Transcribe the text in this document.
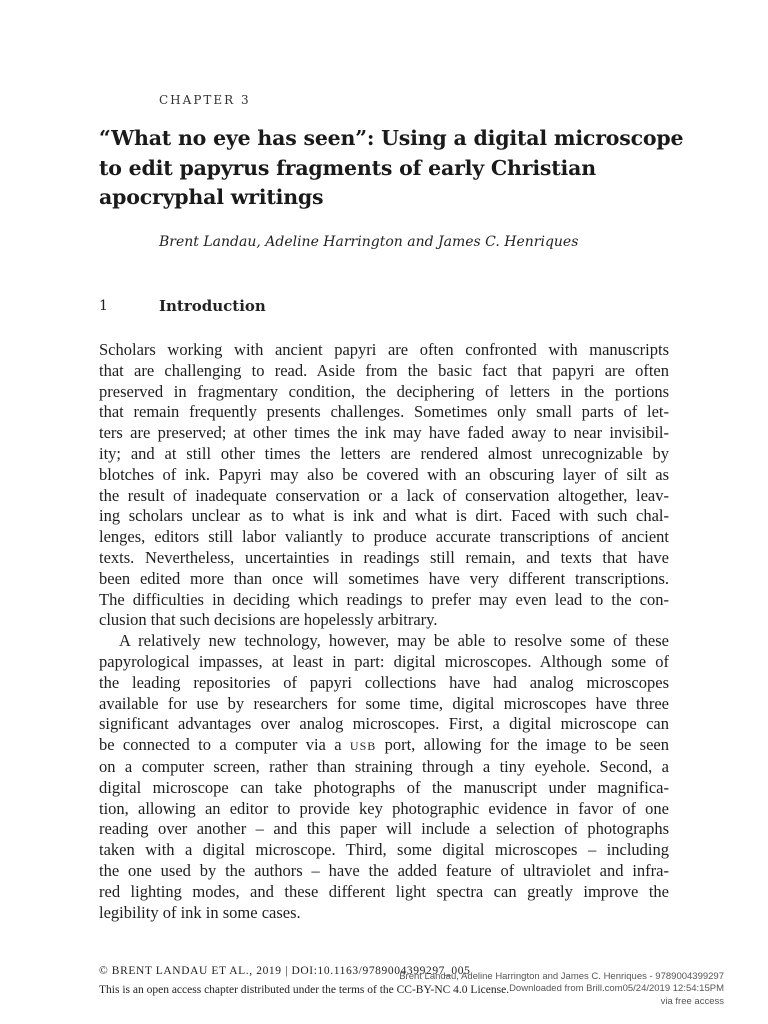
CHAPTER 3
“What no eye has seen”: Using a digital microscope to edit papyrus fragments of early Christian apocryphal writings
Brent Landau, Adeline Harrington and James C. Henriques
1	Introduction
Scholars working with ancient papyri are often confronted with manuscripts
that are challenging to read. Aside from the basic fact that papyri are often
preserved in fragmentary condition, the deciphering of letters in the portions
that remain frequently presents challenges. Sometimes only small parts of let-
ters are preserved; at other times the ink may have faded away to near invisibil-
ity; and at still other times the letters are rendered almost unrecognizable by
blotches of ink. Papyri may also be covered with an obscuring layer of silt as
the result of inadequate conservation or a lack of conservation altogether, leav-
ing scholars unclear as to what is ink and what is dirt. Faced with such chal-
lenges, editors still labor valiantly to produce accurate transcriptions of ancient
texts. Nevertheless, uncertainties in readings still remain, and texts that have
been edited more than once will sometimes have very different transcriptions.
The difficulties in deciding which readings to prefer may even lead to the con-
clusion that such decisions are hopelessly arbitrary.
A relatively new technology, however, may be able to resolve some of these
papyrological impasses, at least in part: digital microscopes. Although some of
the leading repositories of papyri collections have had analog microscopes
available for use by researchers for some time, digital microscopes have three
significant advantages over analog microscopes. First, a digital microscope can
be connected to a computer via a USB port, allowing for the image to be seen
on a computer screen, rather than straining through a tiny eyehole. Second, a
digital microscope can take photographs of the manuscript under magnifica-
tion, allowing an editor to provide key photographic evidence in favor of one
reading over another – and this paper will include a selection of photographs
taken with a digital microscope. Third, some digital microscopes – including
the one used by the authors – have the added feature of ultraviolet and infra-
red lighting modes, and these different light spectra can greatly improve the
legibility of ink in some cases.
© BRENT LANDAU ET AL., 2019 | DOI:10.1163/9789004399297_005
This is an open access chapter distributed under the terms of the CC-BY-NC 4.0 License.
Brent Landau, Adeline Harrington and James C. Henriques - 9789004399297
Downloaded from Brill.com05/24/2019 12:54:15PM
via free access
